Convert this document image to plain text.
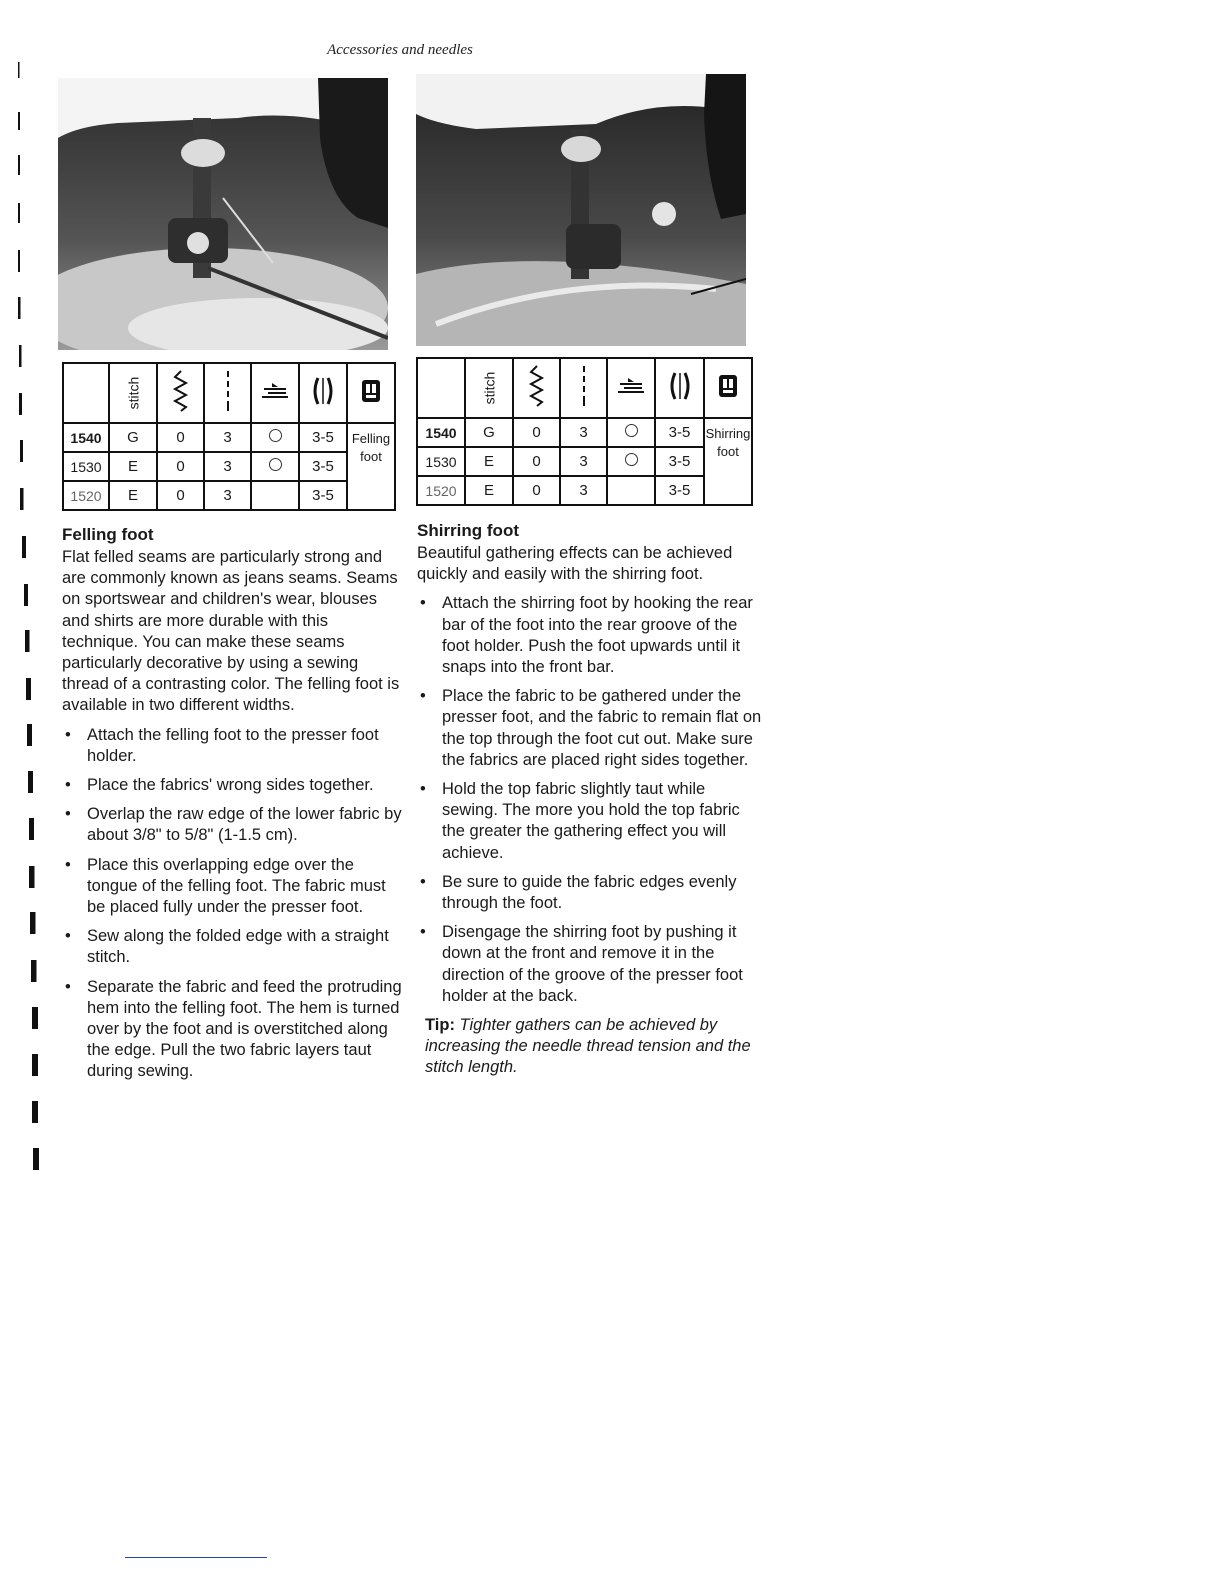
Accessories and needles
	stitch					
1540	G	0	3		3-5	Felling
foot

1530	E	0	3		3-5	
1520	E	0	3		3-5	
	stitch					
1540	G	0	3		3-5	Shirring
foot

1530	E	0	3		3-5	
1520	E	0	3		3-5	
Felling foot

Flat felled seams are particularly strong and are commonly known as jeans seams. Seams on sportswear and children's wear, blouses and shirts are more durable with this technique. You can make these seams particularly decorative by using a sewing thread of a contrasting color. The felling foot is available in two different widths.

• Attach the felling foot to the presser foot holder.
• Place the fabrics' wrong sides together.
• Overlap the raw edge of the lower fabric by about 3/8" to 5/8" (1-1.5 cm).
• Place this overlapping edge over the tongue of the felling foot. The fabric must be placed fully under the presser foot.
• Sew along the folded edge with a straight stitch.
• Separate the fabric and feed the protruding hem into the felling foot. The hem is turned over by the foot and is overstitched along the edge. Pull the two fabric layers taut during sewing.
Shirring foot

Beautiful gathering effects can be achieved quickly and easily with the shirring foot.

• Attach the shirring foot by hooking the rear bar of the foot into the rear groove of the foot holder. Push the foot upwards until it snaps into the front bar.
• Place the fabric to be gathered under the presser foot, and the fabric to remain flat on the top through the foot cut out. Make sure the fabrics are placed right sides together.
• Hold the top fabric slightly taut while sewing. The more you hold the top fabric the greater the gathering effect you will achieve.
• Be sure to guide the fabric edges evenly through the foot.
• Disengage the shirring foot by pushing it down at the front and remove it in the direction of the groove of the presser foot holder at the back.

Tip: Tighter gathers can be achieved by increasing the needle thread tension and the stitch length.
